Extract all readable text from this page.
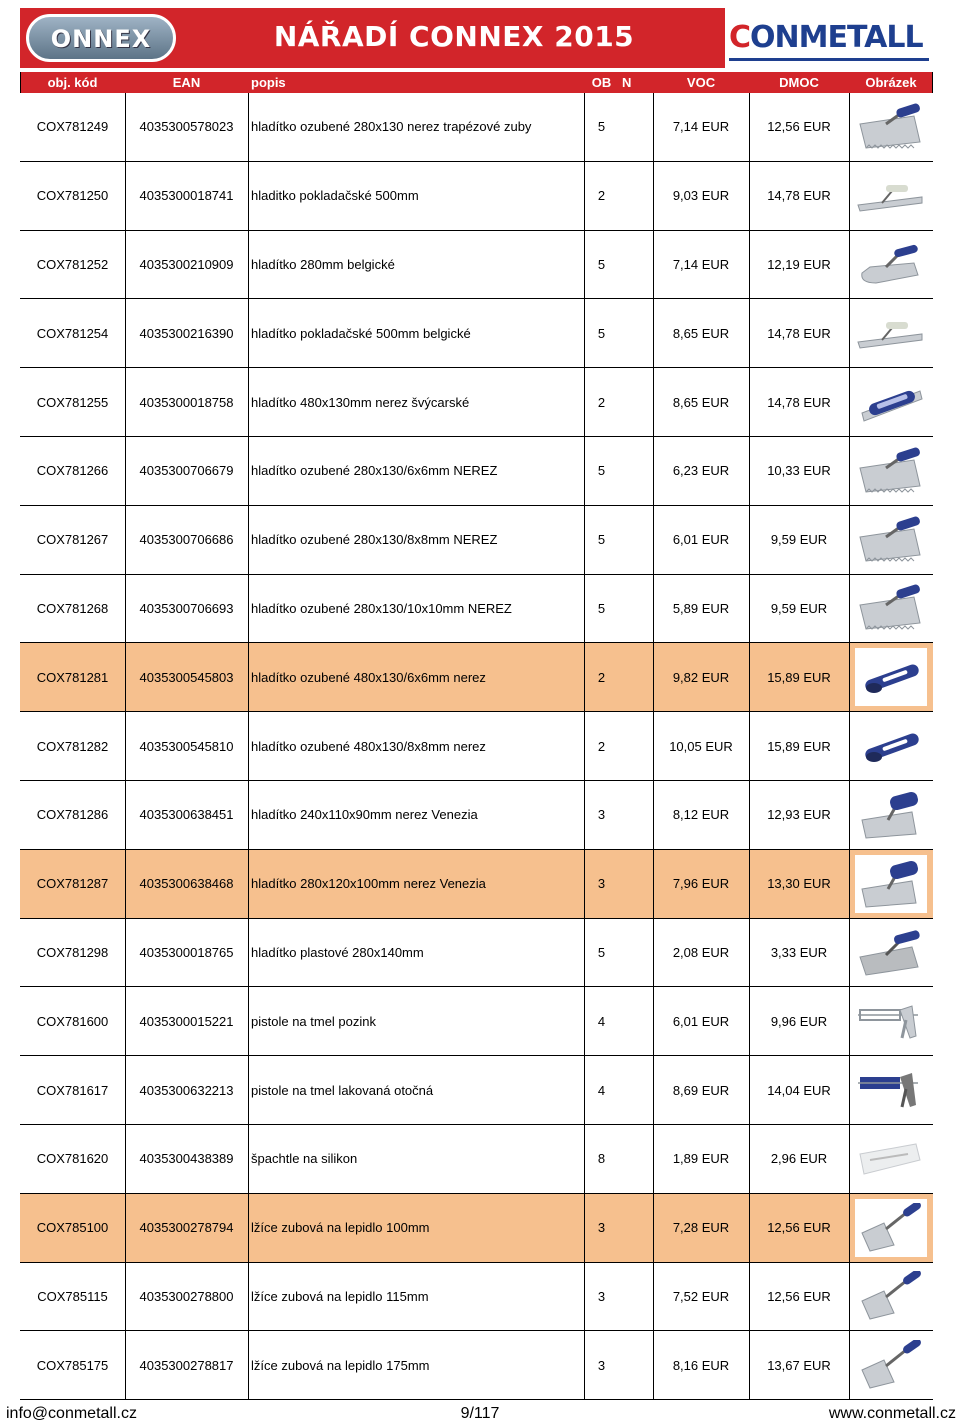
ONNEX	NÁŘADÍ CONNEX 2015	CONMETALL
obj. kód	EAN	popis	OB N	VOC	DMOC	Obrázek
COX781249	4035300578023	hladítko ozubené 280x130 nerez trapézové zuby	5	7,14 EUR	12,56 EUR
COX781250	4035300018741	hladitko pokladačské 500mm	2	9,03 EUR	14,78 EUR
COX781252	4035300210909	hladítko 280mm belgické	5	7,14 EUR	12,19 EUR
COX781254	4035300216390	hladítko pokladačské 500mm belgické	5	8,65 EUR	14,78 EUR
COX781255	4035300018758	hladítko 480x130mm nerez švýcarské	2	8,65 EUR	14,78 EUR
COX781266	4035300706679	hladítko ozubené 280x130/6x6mm NEREZ	5	6,23 EUR	10,33 EUR
COX781267	4035300706686	hladítko ozubené 280x130/8x8mm NEREZ	5	6,01 EUR	9,59 EUR
COX781268	4035300706693	hladítko ozubené 280x130/10x10mm NEREZ	5	5,89 EUR	9,59 EUR
COX781281	4035300545803	hladítko ozubené 480x130/6x6mm nerez	2	9,82 EUR	15,89 EUR
COX781282	4035300545810	hladítko ozubené 480x130/8x8mm nerez	2	10,05 EUR	15,89 EUR
COX781286	4035300638451	hladítko 240x110x90mm nerez Venezia	3	8,12 EUR	12,93 EUR
COX781287	4035300638468	hladítko 280x120x100mm nerez Venezia	3	7,96 EUR	13,30 EUR
COX781298	4035300018765	hladítko plastové 280x140mm	5	2,08 EUR	3,33 EUR
COX781600	4035300015221	pistole na tmel pozink	4	6,01 EUR	9,96 EUR
COX781617	4035300632213	pistole na tmel lakovaná otočná	4	8,69 EUR	14,04 EUR
COX781620	4035300438389	špachtle na silikon	8	1,89 EUR	2,96 EUR
COX785100	4035300278794	lžíce zubová na lepidlo 100mm	3	7,28 EUR	12,56 EUR
COX785115	4035300278800	lžíce zubová na lepidlo 115mm	3	7,52 EUR	12,56 EUR
COX785175	4035300278817	lžíce zubová na lepidlo 175mm	3	8,16 EUR	13,67 EUR
info@conmetall.cz	9/117	www.conmetall.cz
